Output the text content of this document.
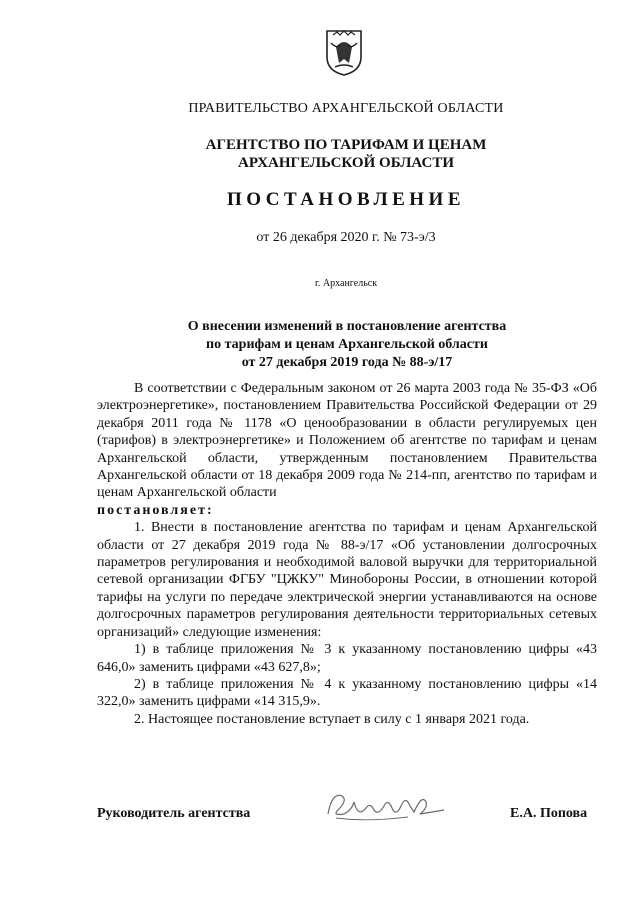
ПРАВИТЕЛЬСТВО АРХАНГЕЛЬСКОЙ ОБЛАСТИ
АГЕНТСТВО ПО ТАРИФАМ И ЦЕНАМ
АРХАНГЕЛЬСКОЙ ОБЛАСТИ
ПОСТАНОВЛЕНИЕ
от 26 декабря 2020 г. № 73-э/3
г. Архангельск
О внесении изменений в постановление агентства
по тарифам и ценам Архангельской области
от 27 декабря 2019 года № 88-э/17

В соответствии с Федеральным законом от 26 марта 2003 года № 35-ФЗ «Об электроэнергетике», постановлением Правительства Российской Федерации от 29 декабря 2011 года № 1178 «О ценообразовании в области регулируемых цен (тарифов) в электроэнергетике» и Положением об агентстве по тарифам и ценам Архангельской области, утвержденным постановлением Правительства Архангельской области от 18 декабря 2009 года № 214-пп, агентство по тарифам и ценам Архангельской области

постановляет:

1. Внести в постановление агентства по тарифам и ценам Архангельской области от 27 декабря 2019 года № 88-э/17 «Об установлении долгосрочных параметров регулирования и необходимой валовой выручки для территориальной сетевой организации ФГБУ "ЦЖКУ" Минобороны России, в отношении которой тарифы на услуги по передаче электрической энергии устанавливаются на основе долгосрочных параметров регулирования деятельности территориальных сетевых организаций» следующие изменения:

1) в таблице приложения № 3 к указанному постановлению цифры «43 646,0» заменить цифрами «43 627,8»;

2) в таблице приложения № 4 к указанному постановлению цифры «14 322,0» заменить цифрами «14 315,9».

2. Настоящее постановление вступает в силу с 1 января 2021 года.

Руководитель агентства	Е.А. Попова
